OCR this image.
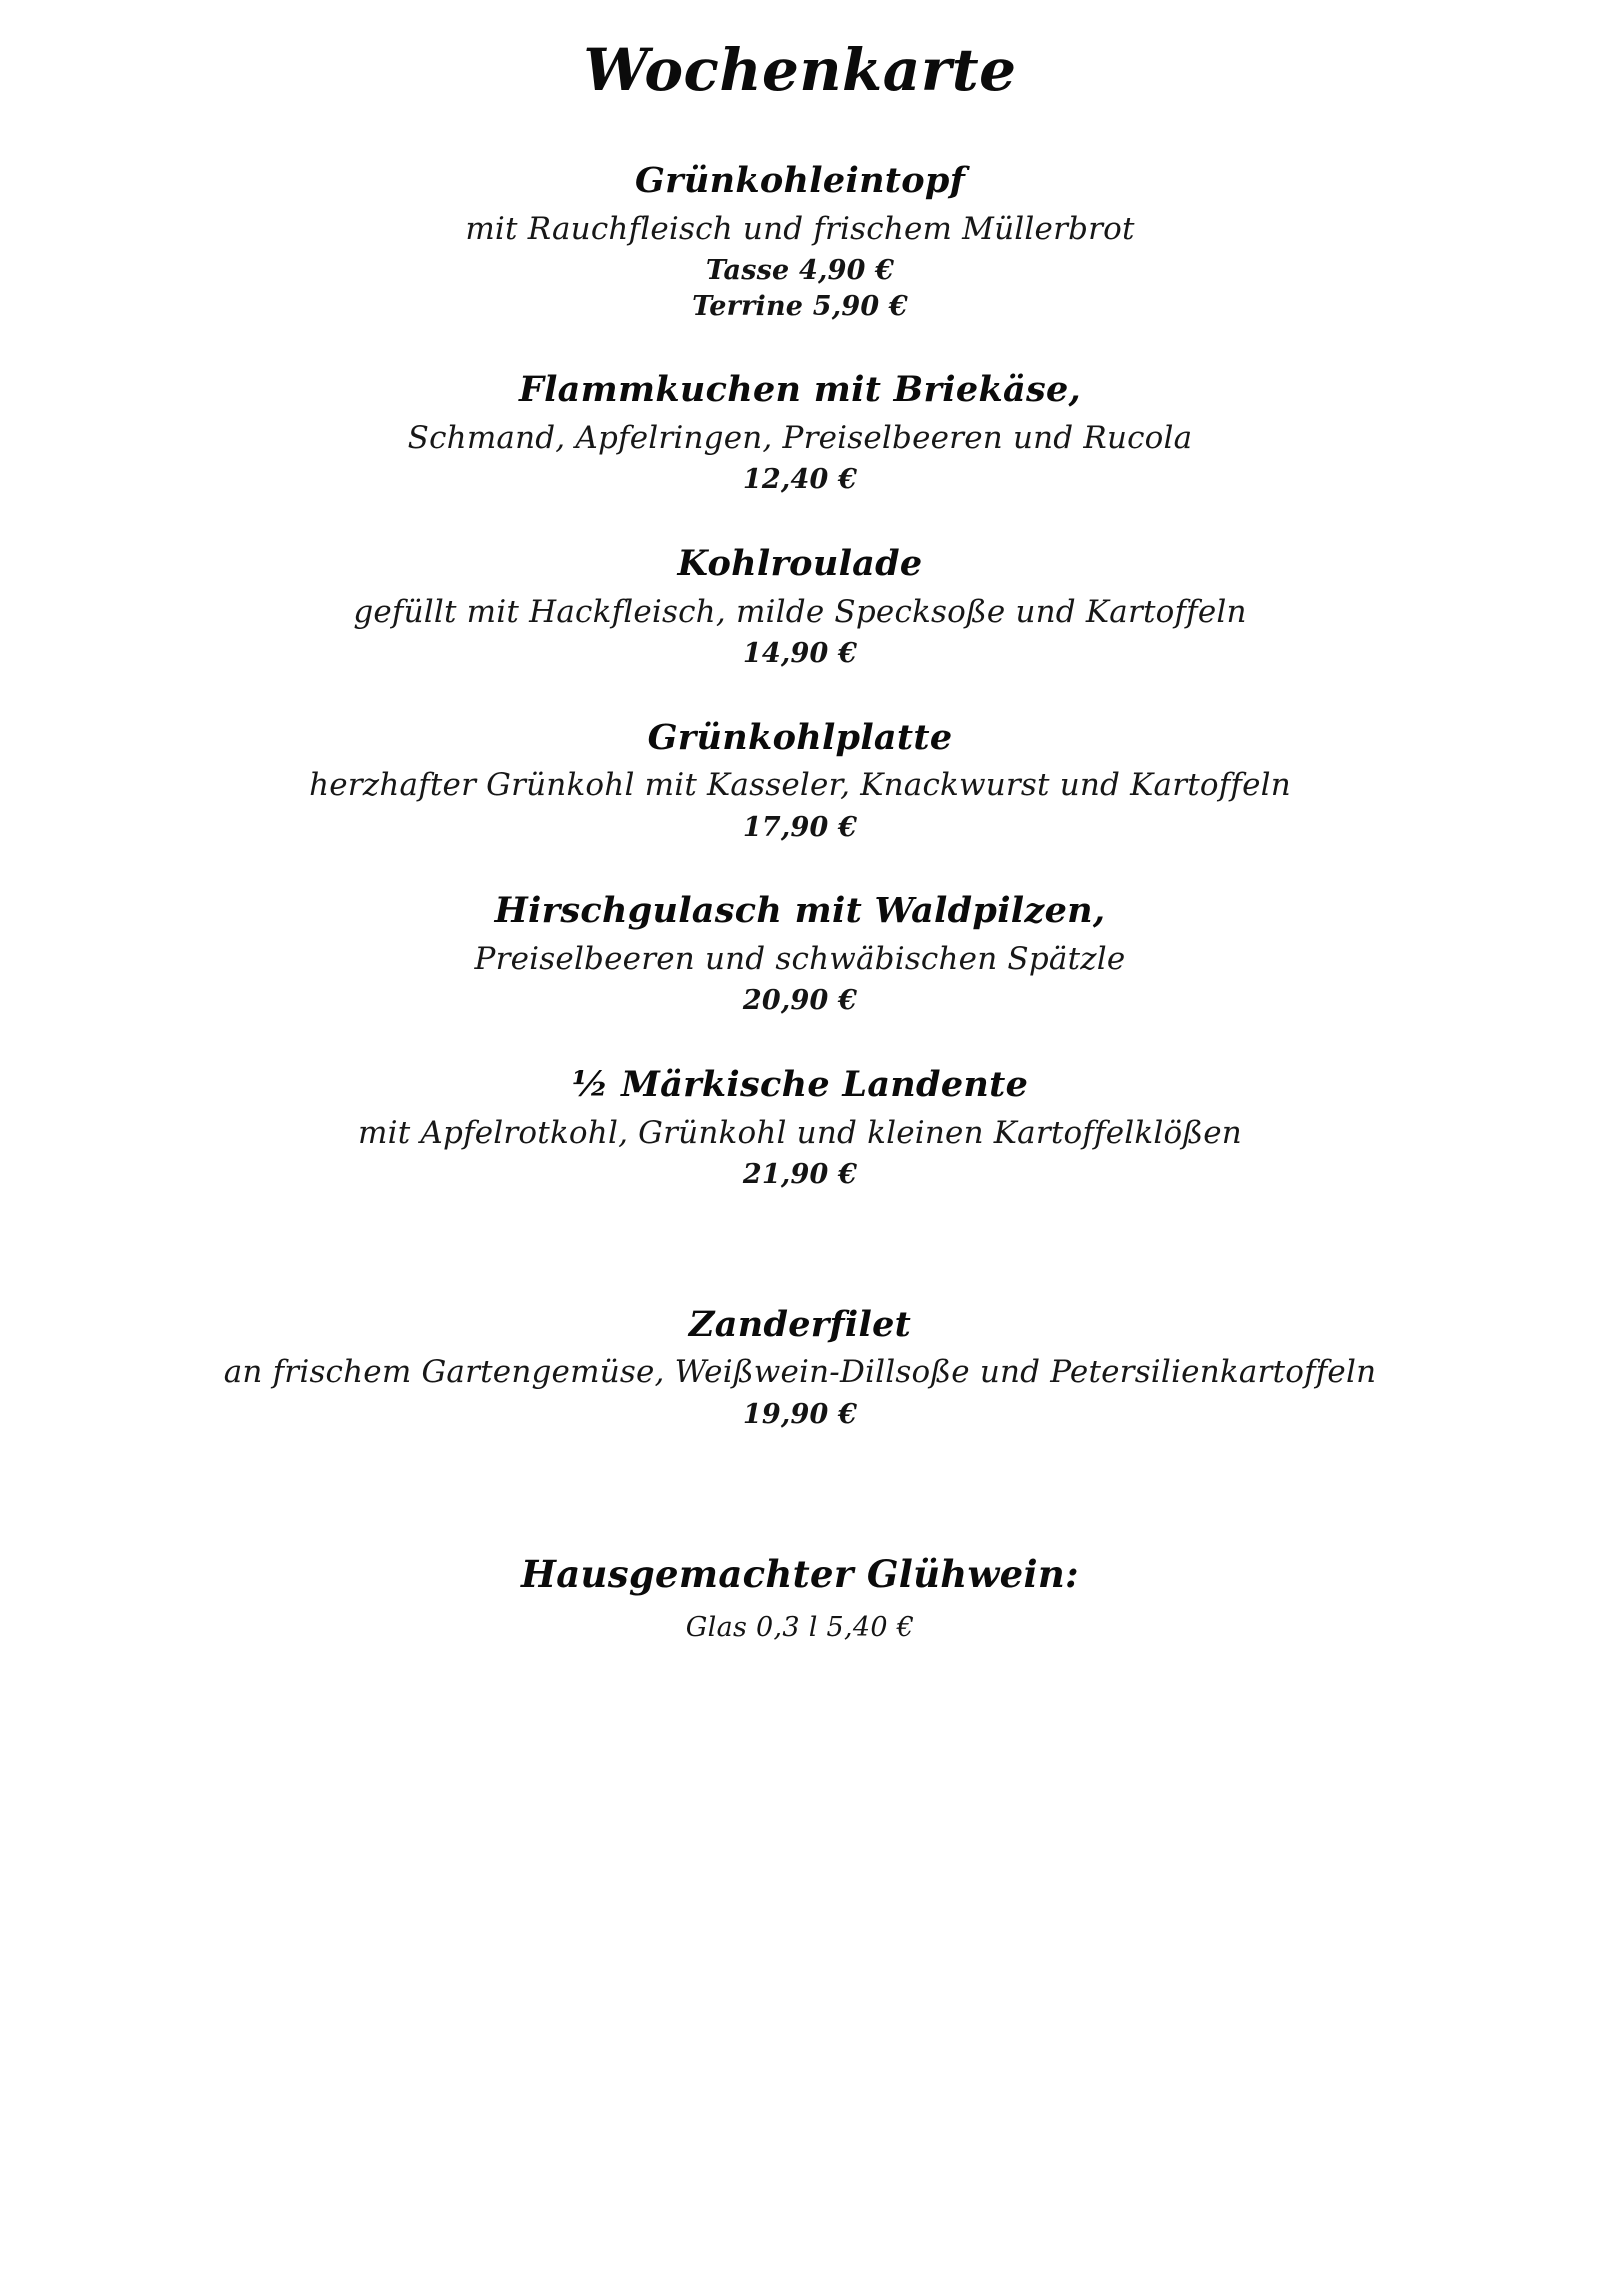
Wochenkarte
Grünkohleintopf
mit Rauchfleisch und frischem Müllerbrot
Tasse 4,90 €
Terrine 5,90 €
Flammkuchen mit Briekäse,
Schmand, Apfelringen, Preiselbeeren und Rucola
12,40 €
Kohlroulade
gefüllt mit Hackfleisch, milde Specksoße und Kartoffeln
14,90 €
Grünkohlplatte
herzhafter Grünkohl mit Kasseler, Knackwurst und Kartoffeln
17,90 €
Hirschgulasch mit Waldpilzen,
Preiselbeeren und schwäbischen Spätzle
20,90 €
½ Märkische Landente
mit Apfelrotkohl, Grünkohl und kleinen Kartoffelklößen
21,90 €
Zanderfilet
an frischem Gartengemüse, Weißwein-Dillsoße und Petersilienkartoffeln
19,90 €
Hausgemachter Glühwein:
Glas 0,3 l 5,40 €
